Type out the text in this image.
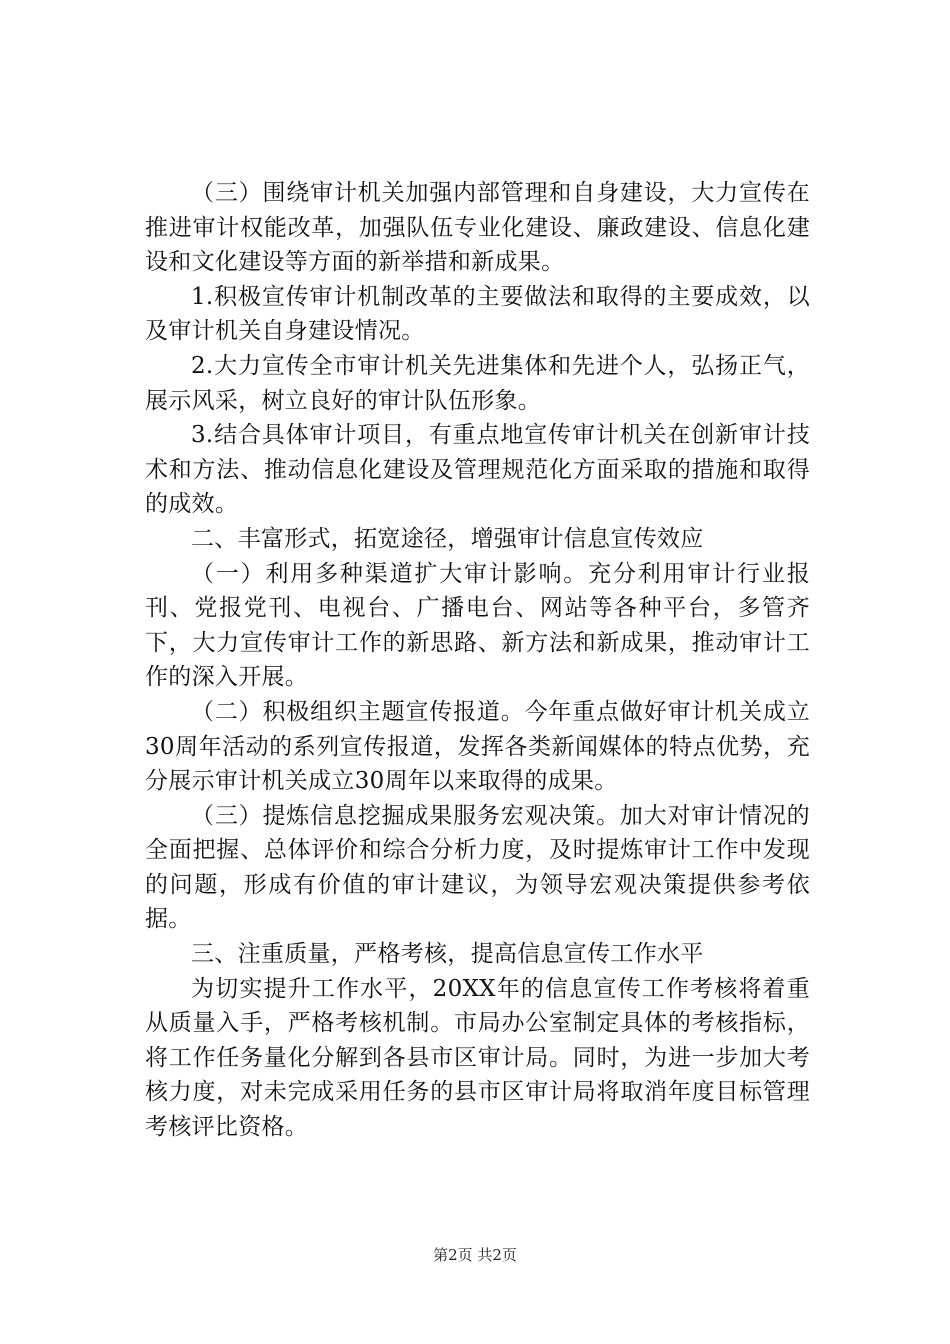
（三）围绕审计机关加强内部管理和自身建设，大力宣传在推进审计权能改革，加强队伍专业化建设、廉政建设、信息化建设和文化建设等方面的新举措和新成果。

1.积极宣传审计机制改革的主要做法和取得的主要成效，以及审计机关自身建设情况。

2.大力宣传全市审计机关先进集体和先进个人，弘扬正气，展示风采，树立良好的审计队伍形象。

3.结合具体审计项目，有重点地宣传审计机关在创新审计技术和方法、推动信息化建设及管理规范化方面采取的措施和取得的成效。

二、丰富形式，拓宽途径，增强审计信息宣传效应

（一）利用多种渠道扩大审计影响。充分利用审计行业报刊、党报党刊、电视台、广播电台、网站等各种平台，多管齐下，大力宣传审计工作的新思路、新方法和新成果，推动审计工作的深入开展。

（二）积极组织主题宣传报道。今年重点做好审计机关成立30周年活动的系列宣传报道，发挥各类新闻媒体的特点优势，充分展示审计机关成立30周年以来取得的成果。

（三）提炼信息挖掘成果服务宏观决策。加大对审计情况的全面把握、总体评价和综合分析力度，及时提炼审计工作中发现的问题，形成有价值的审计建议，为领导宏观决策提供参考依据。

三、注重质量，严格考核，提高信息宣传工作水平

为切实提升工作水平，20XX年的信息宣传工作考核将着重从质量入手，严格考核机制。市局办公室制定具体的考核指标，将工作任务量化分解到各县市区审计局。同时，为进一步加大考核力度，对未完成采用任务的县市区审计局将取消年度目标管理考核评比资格。

第2页 共2页
